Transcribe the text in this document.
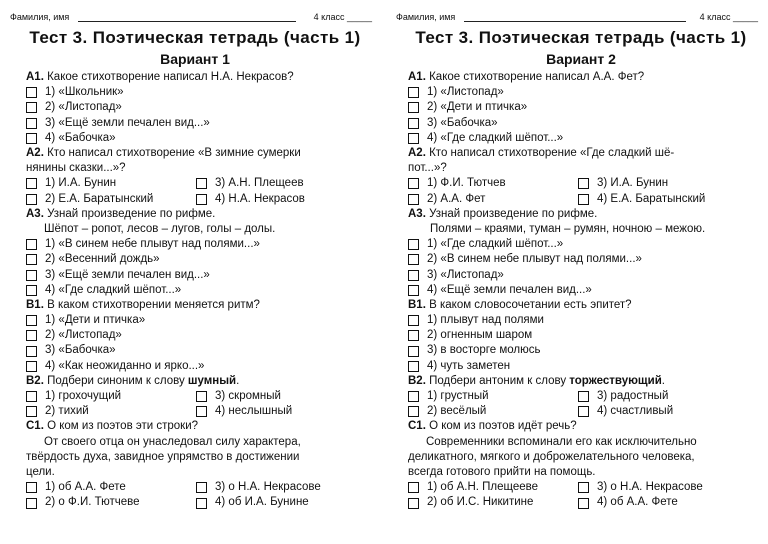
Фамилия, имя	4 класс _____
Тест 3. Поэтическая тетрадь (часть 1)
Вариант 1
А1. Какое стихотворение написал Н.А. Некрасов?
1) «Школьник»
2) «Листопад»
3) «Ещё земли печален вид...»
4) «Бабочка»
А2. Кто написал стихотворение «В зимние сумерки
нянины сказки...»?
1) И.А. Бунин	3) А.Н. Плещеев
2) Е.А. Баратынский	4) Н.А. Некрасов
А3. Узнай произведение по рифме.
Шёпот – ропот, лесов – лугов, голы – долы.
1) «В синем небе плывут над полями...»
2) «Весенний дождь»
3) «Ещё земли печален вид...»
4) «Где сладкий шёпот...»
В1. В каком стихотворении меняется ритм?
1) «Дети и птичка»
2) «Листопад»
3) «Бабочка»
4) «Как неожиданно и ярко...»
В2. Подбери синоним к слову шумный.
1) грохочущий	3) скромный
2) тихий	4) неслышный
С1. О ком из поэтов эти строки?
От своего отца он унаследовал силу характера,
твёрдость духа, завидное упрямство в достижении
цели.
1) об А.А. Фете	3) о Н.А. Некрасове
2) о Ф.И. Тютчеве	4) об И.А. Бунине
Фамилия, имя	4 класс _____
Тест 3. Поэтическая тетрадь (часть 1)
Вариант 2
А1. Какое стихотворение написал А.А. Фет?
1) «Листопад»
2) «Дети и птичка»
3) «Бабочка»
4) «Где сладкий шёпот...»
А2. Кто написал стихотворение «Где сладкий шё-
пот...»?
1) Ф.И. Тютчев	3) И.А. Бунин
2) А.А. Фет	4) Е.А. Баратынский
А3. Узнай произведение по рифме.
Полями – краями, туман – румян, ночною – межою.
1) «Где сладкий шёпот...»
2) «В синем небе плывут над полями...»
3) «Листопад»
4) «Ещё земли печален вид...»
В1. В каком словосочетании есть эпитет?
1) плывут над полями
2) огненным шаром
3) в восторге молюсь
4) чуть заметен
В2. Подбери антоним к слову торжествующий.
1) грустный	3) радостный
2) весёлый	4) счастливый
С1. О ком из поэтов идёт речь?
Современники вспоминали его как исключительно
деликатного, мягкого и доброжелательного человека,
всегда готового прийти на помощь.
1) об А.Н. Плещееве	3) о Н.А. Некрасове
2) об И.С. Никитине	4) об А.А. Фете
